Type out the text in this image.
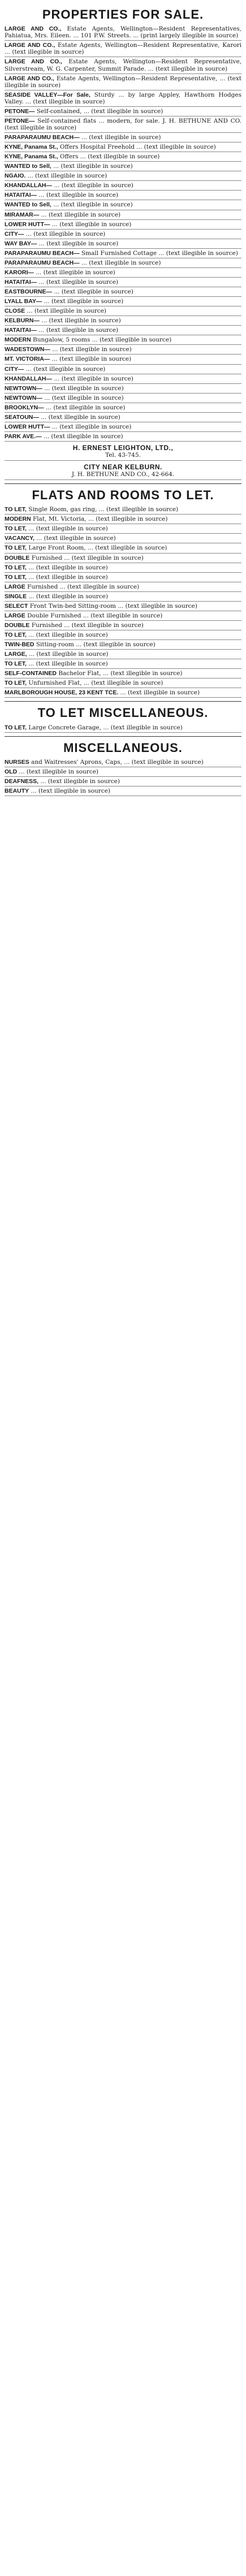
PROPERTIES FOR SALE.
LARGE AND CO., Estate Agents, Wellington—Resident Representatives, Pahiatua, Mrs. Eileen. ... 101 P.W. Streets. ... (print largely illegible in source)
LARGE AND CO., Estate Agents, Wellington—Resident Representative, Karori ... (text illegible in source)
LARGE AND CO., Estate Agents, Wellington—Resident Representative, Silverstream, W. G. Carpenter, Summit Parade. ... (text illegible in source)
LARGE AND CO., Estate Agents, Wellington—Resident Representative, ... (text illegible in source)
SEASIDE VALLEY—For Sale, Sturdy ... by large Appley, Hawthorn Hodges Valley. ... (text illegible in source)
PETONE— Self-contained, ... (text illegible in source)
PETONE— Self-contained flats ... modern, for sale. J. H. BETHUNE AND CO. (text illegible in source)
PARAPARAUMU BEACH— ... (text illegible in source)
KYNE, Panama St., Offers Hospital Freehold ... (text illegible in source)
KYNE, Panama St., Offers ... (text illegible in source)
WANTED to Sell, ... (text illegible in source)
NGAIO. ... (text illegible in source)
KHANDALLAH— ... (text illegible in source)
HATAITAI— ... (text illegible in source)
WANTED to Sell, ... (text illegible in source)
MIRAMAR— ... (text illegible in source)
LOWER HUTT— ... (text illegible in source)
CITY— ... (text illegible in source)
WAY BAY— ... (text illegible in source)
PARAPARAUMU BEACH— Small Furnished Cottage ... (text illegible in source)
PARAPARAUMU BEACH— ... (text illegible in source)
KARORI— ... (text illegible in source)
HATAITAI— ... (text illegible in source)
EASTBOURNE— ... (text illegible in source)
LYALL BAY— ... (text illegible in source)
CLOSE ... (text illegible in source)
KELBURN— ... (text illegible in source)
HATAITAI— ... (text illegible in source)
MODERN Bungalow, 5 rooms ... (text illegible in source)
WADESTOWN— ... (text illegible in source)
MT. VICTORIA— ... (text illegible in source)
CITY— ... (text illegible in source)
KHANDALLAH— ... (text illegible in source)
NEWTOWN— ... (text illegible in source)
NEWTOWN— ... (text illegible in source)
BROOKLYN— ... (text illegible in source)
SEATOUN— ... (text illegible in source)
LOWER HUTT— ... (text illegible in source)
PARK AVE.— ... (text illegible in source)
H. ERNEST LEIGHTON, LTD.,
Tel. 43-745.
CITY NEAR KELBURN.
J. H. BETHUNE AND CO., 42-664.
FLATS AND ROOMS TO LET.
TO LET, Single Room, gas ring, ... (text illegible in source)
MODERN Flat, Mt. Victoria, ... (text illegible in source)
TO LET, ... (text illegible in source)
VACANCY, ... (text illegible in source)
TO LET, Large Front Room, ... (text illegible in source)
DOUBLE Furnished ... (text illegible in source)
TO LET, ... (text illegible in source)
TO LET, ... (text illegible in source)
LARGE Furnished ... (text illegible in source)
SINGLE ... (text illegible in source)
SELECT Front Twin-bed Sitting-room ... (text illegible in source)
LARGE Double Furnished ... (text illegible in source)
DOUBLE Furnished ... (text illegible in source)
TO LET, ... (text illegible in source)
TWIN-BED Sitting-room ... (text illegible in source)
LARGE, ... (text illegible in source)
TO LET, ... (text illegible in source)
SELF-CONTAINED Bachelor Flat, ... (text illegible in source)
TO LET, Unfurnished Flat, ... (text illegible in source)
MARLBOROUGH HOUSE, 23 KENT TCE. ... (text illegible in source)
TO LET MISCELLANEOUS.
TO LET, Large Concrete Garage, ... (text illegible in source)
MISCELLANEOUS.
NURSES and Waitresses' Aprons, Caps, ... (text illegible in source)
OLD ... (text illegible in source)
DEAFNESS, ... (text illegible in source)
BEAUTY ... (text illegible in source)
